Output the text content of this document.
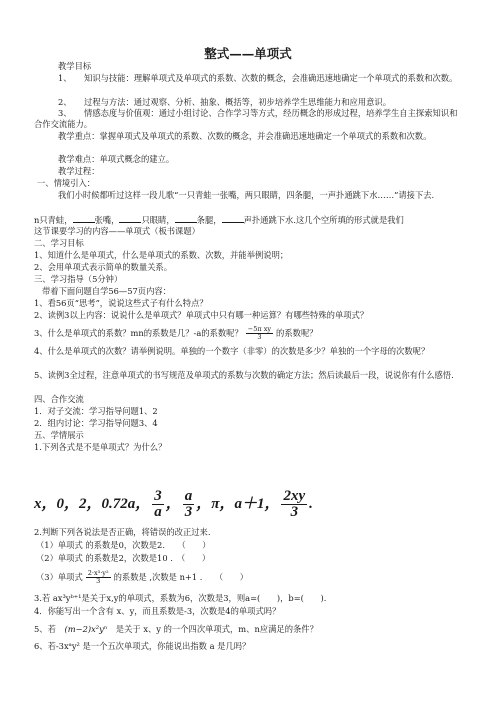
整式——单项式
教学目标
1、　　知识与技能：理解单项式及单项式的系数、次数的概念，会准确迅速地确定一个单项式的系数和次数。
2、　　过程与方法：通过观察、分析、抽象、概括等，初步培养学生思维能力和应用意识。
3、　　情感态度与价值观：通过小组讨论、合作学习等方式，经历概念的形成过程，培养学生自主探索知识和合作交流能力。
教学重点：掌握单项式及单项式的系数、次数的概念，并会准确迅速地确定一个单项式的系数和次数。
教学难点：单项式概念的建立。
教学过程：
一、情境引入：
我们小时候都听过这样一段儿歌“一只青蛙一张嘴，两只眼睛，四条腿，一声扑通跳下水……”请接下去.
n只青蛙，	张嘴，	只眼睛，	条腿，	声扑通跳下水.这几个空所填的形式就是我们
这节课要学习的内容——单项式（板书课题）
二、学习目标
1、知道什么是单项式，什么是单项式的系数、次数，并能举例说明；
2、会用单项式表示简单的数量关系。
三、学习指导（5分钟）
带着下面问题自学56—57页内容：
1、看56页“思考”，说说这些式子有什么特点？
2、读例3以上内容：说说什么是单项式？单项式中只有哪一种运算？有哪些特殊的单项式？
3、什么是单项式的系数？mn的系数是几？-a的系数呢？ $\frac{\text{−5π xy}}{3}$ 的系数呢？
4、什么是单项式的次数？请举例说明。单独的一个数字（非零）的次数是多少？单独的一个字母的次数呢？
5、读例3全过程，注意单项式的书写规范及单项式的系数与次数的确定方法；然后读最后一段，说说你有什么感悟.
四、合作交流
1．对子交流：学习指导问题1、2
2．组内讨论：学习指导问题3、4
五、学情展示
1.下列各式是不是单项式？为什么？
x，0，2，0.72a， $\frac{3}{a}$ ， $\frac{a}{3}$ ，π，a＋1， $\frac{2xy}{3}$ .
2.判断下列各说法是否正确，将错误的改正过来.
（1）单项式 的系数是0，次数是2.　　（　　）
（2）单项式 的系数是2，次数是10 .　（　　）
（3）单项式 $\frac{\text{2·x³·y²}}{3}$ 的系数是 ,次数是 n+1 .　　（　　）
3.若 ax³yᵇ⁺¹是关于x,y的单项式，系数为6，次数是3，则a=(　　)，b=(　　).
4．你能写出一个含有 x、y，而且系数是-3，次数是4的单项式吗？
5、若 (m−2)x²yⁿ 是关于 x、y 的一个四次单项式，m、n应满足的条件？
6、若-3xᵃy² 是一个五次单项式，你能说出指数 a 是几吗？
